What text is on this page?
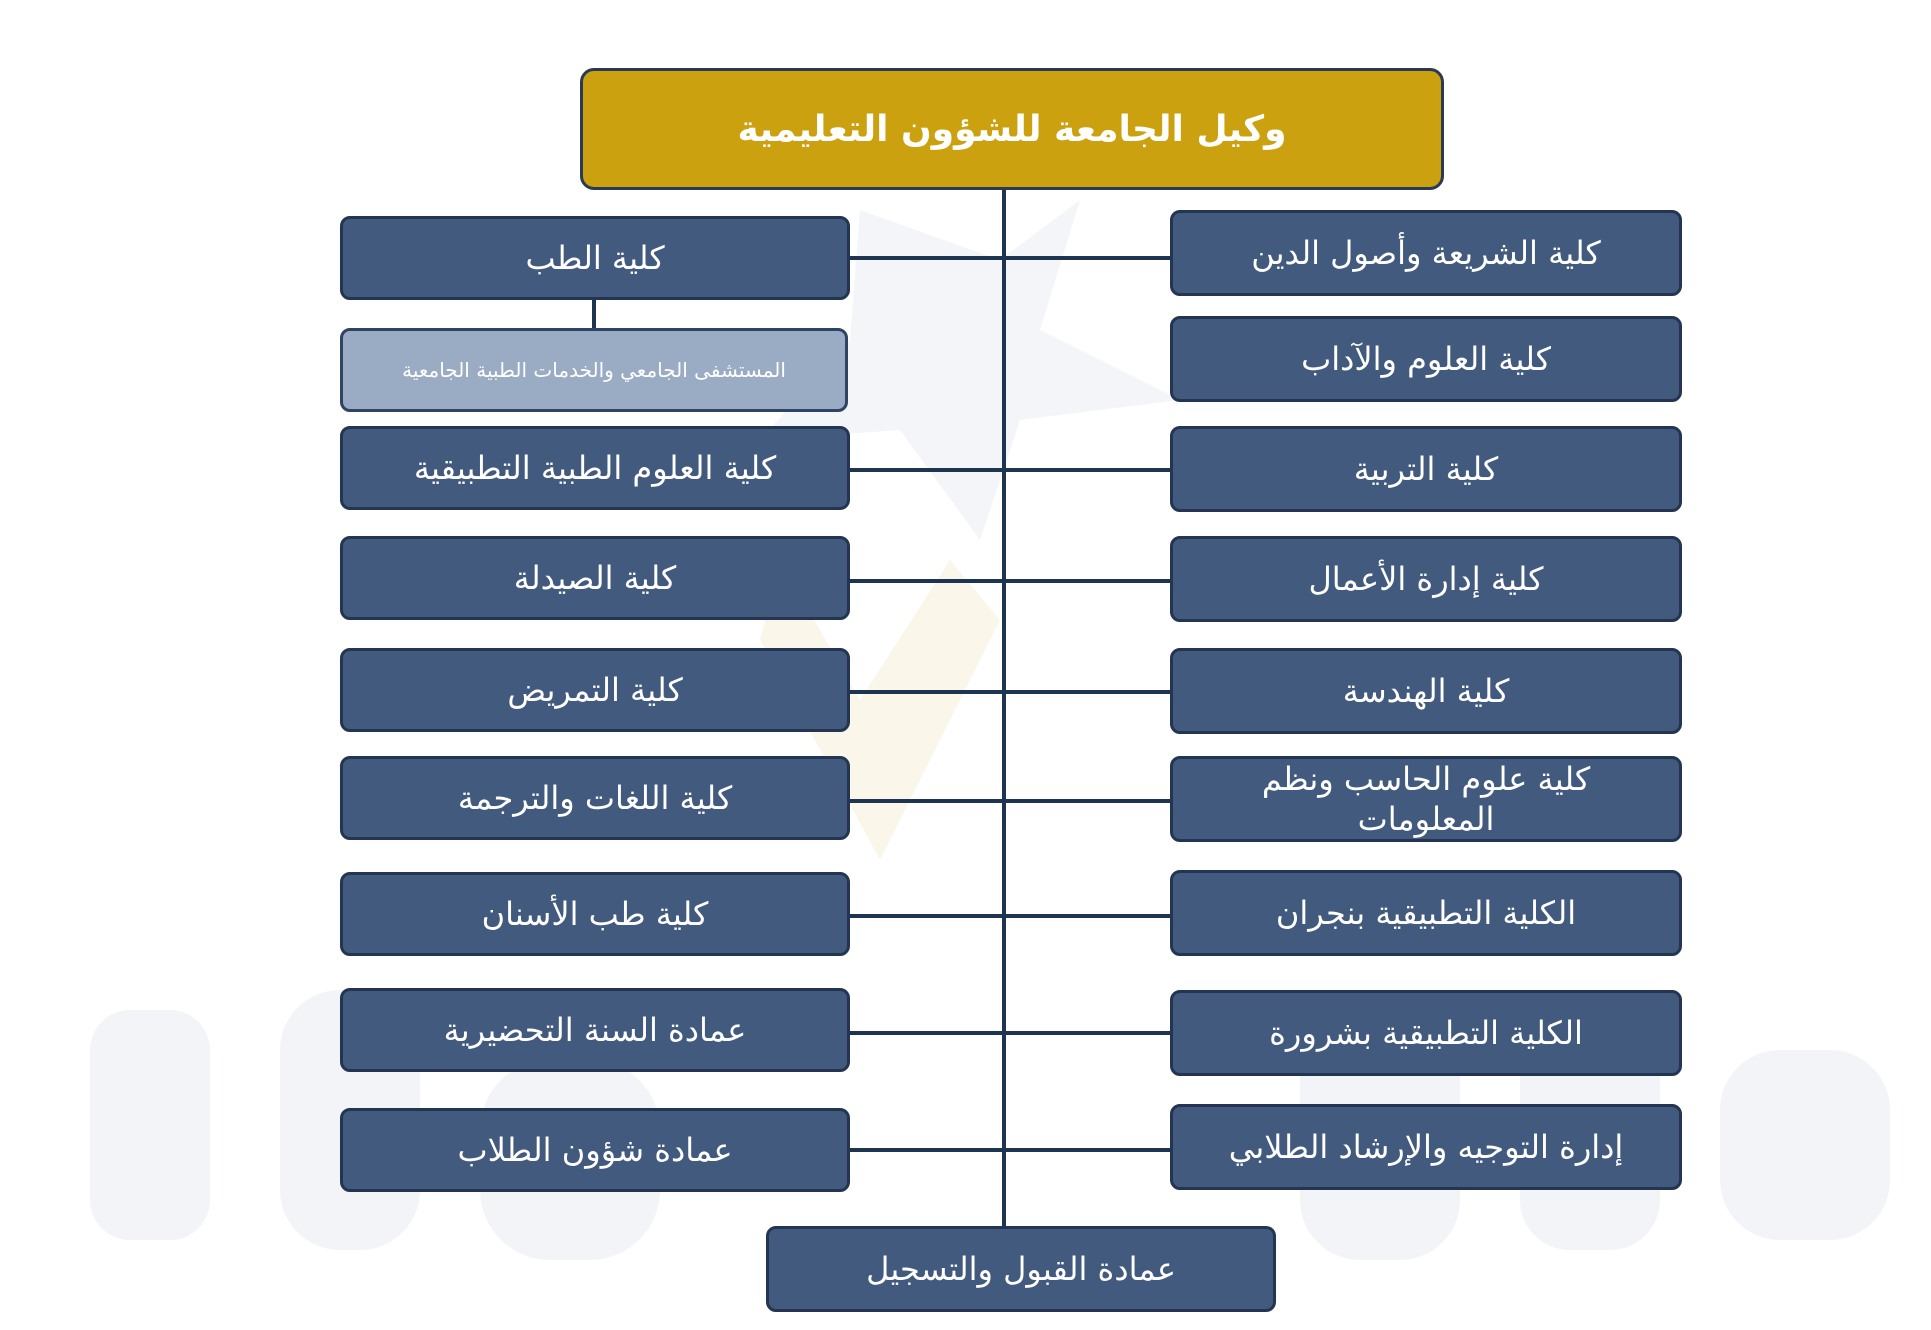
وكيل الجامعة للشؤون التعليمية
كلية الطب
المستشفى الجامعي والخدمات الطبية الجامعية
كلية العلوم الطبية التطبيقية
كلية الصيدلة
كلية التمريض
كلية اللغات والترجمة
كلية طب الأسنان
عمادة السنة التحضيرية
عمادة شؤون الطلاب
كلية الشريعة وأصول الدين
كلية العلوم والآداب
كلية التربية
كلية إدارة الأعمال
كلية الهندسة
كلية علوم الحاسب ونظم المعلومات
الكلية التطبيقية بنجران
الكلية التطبيقية بشرورة
إدارة التوجيه والإرشاد الطلابي
عمادة القبول والتسجيل
